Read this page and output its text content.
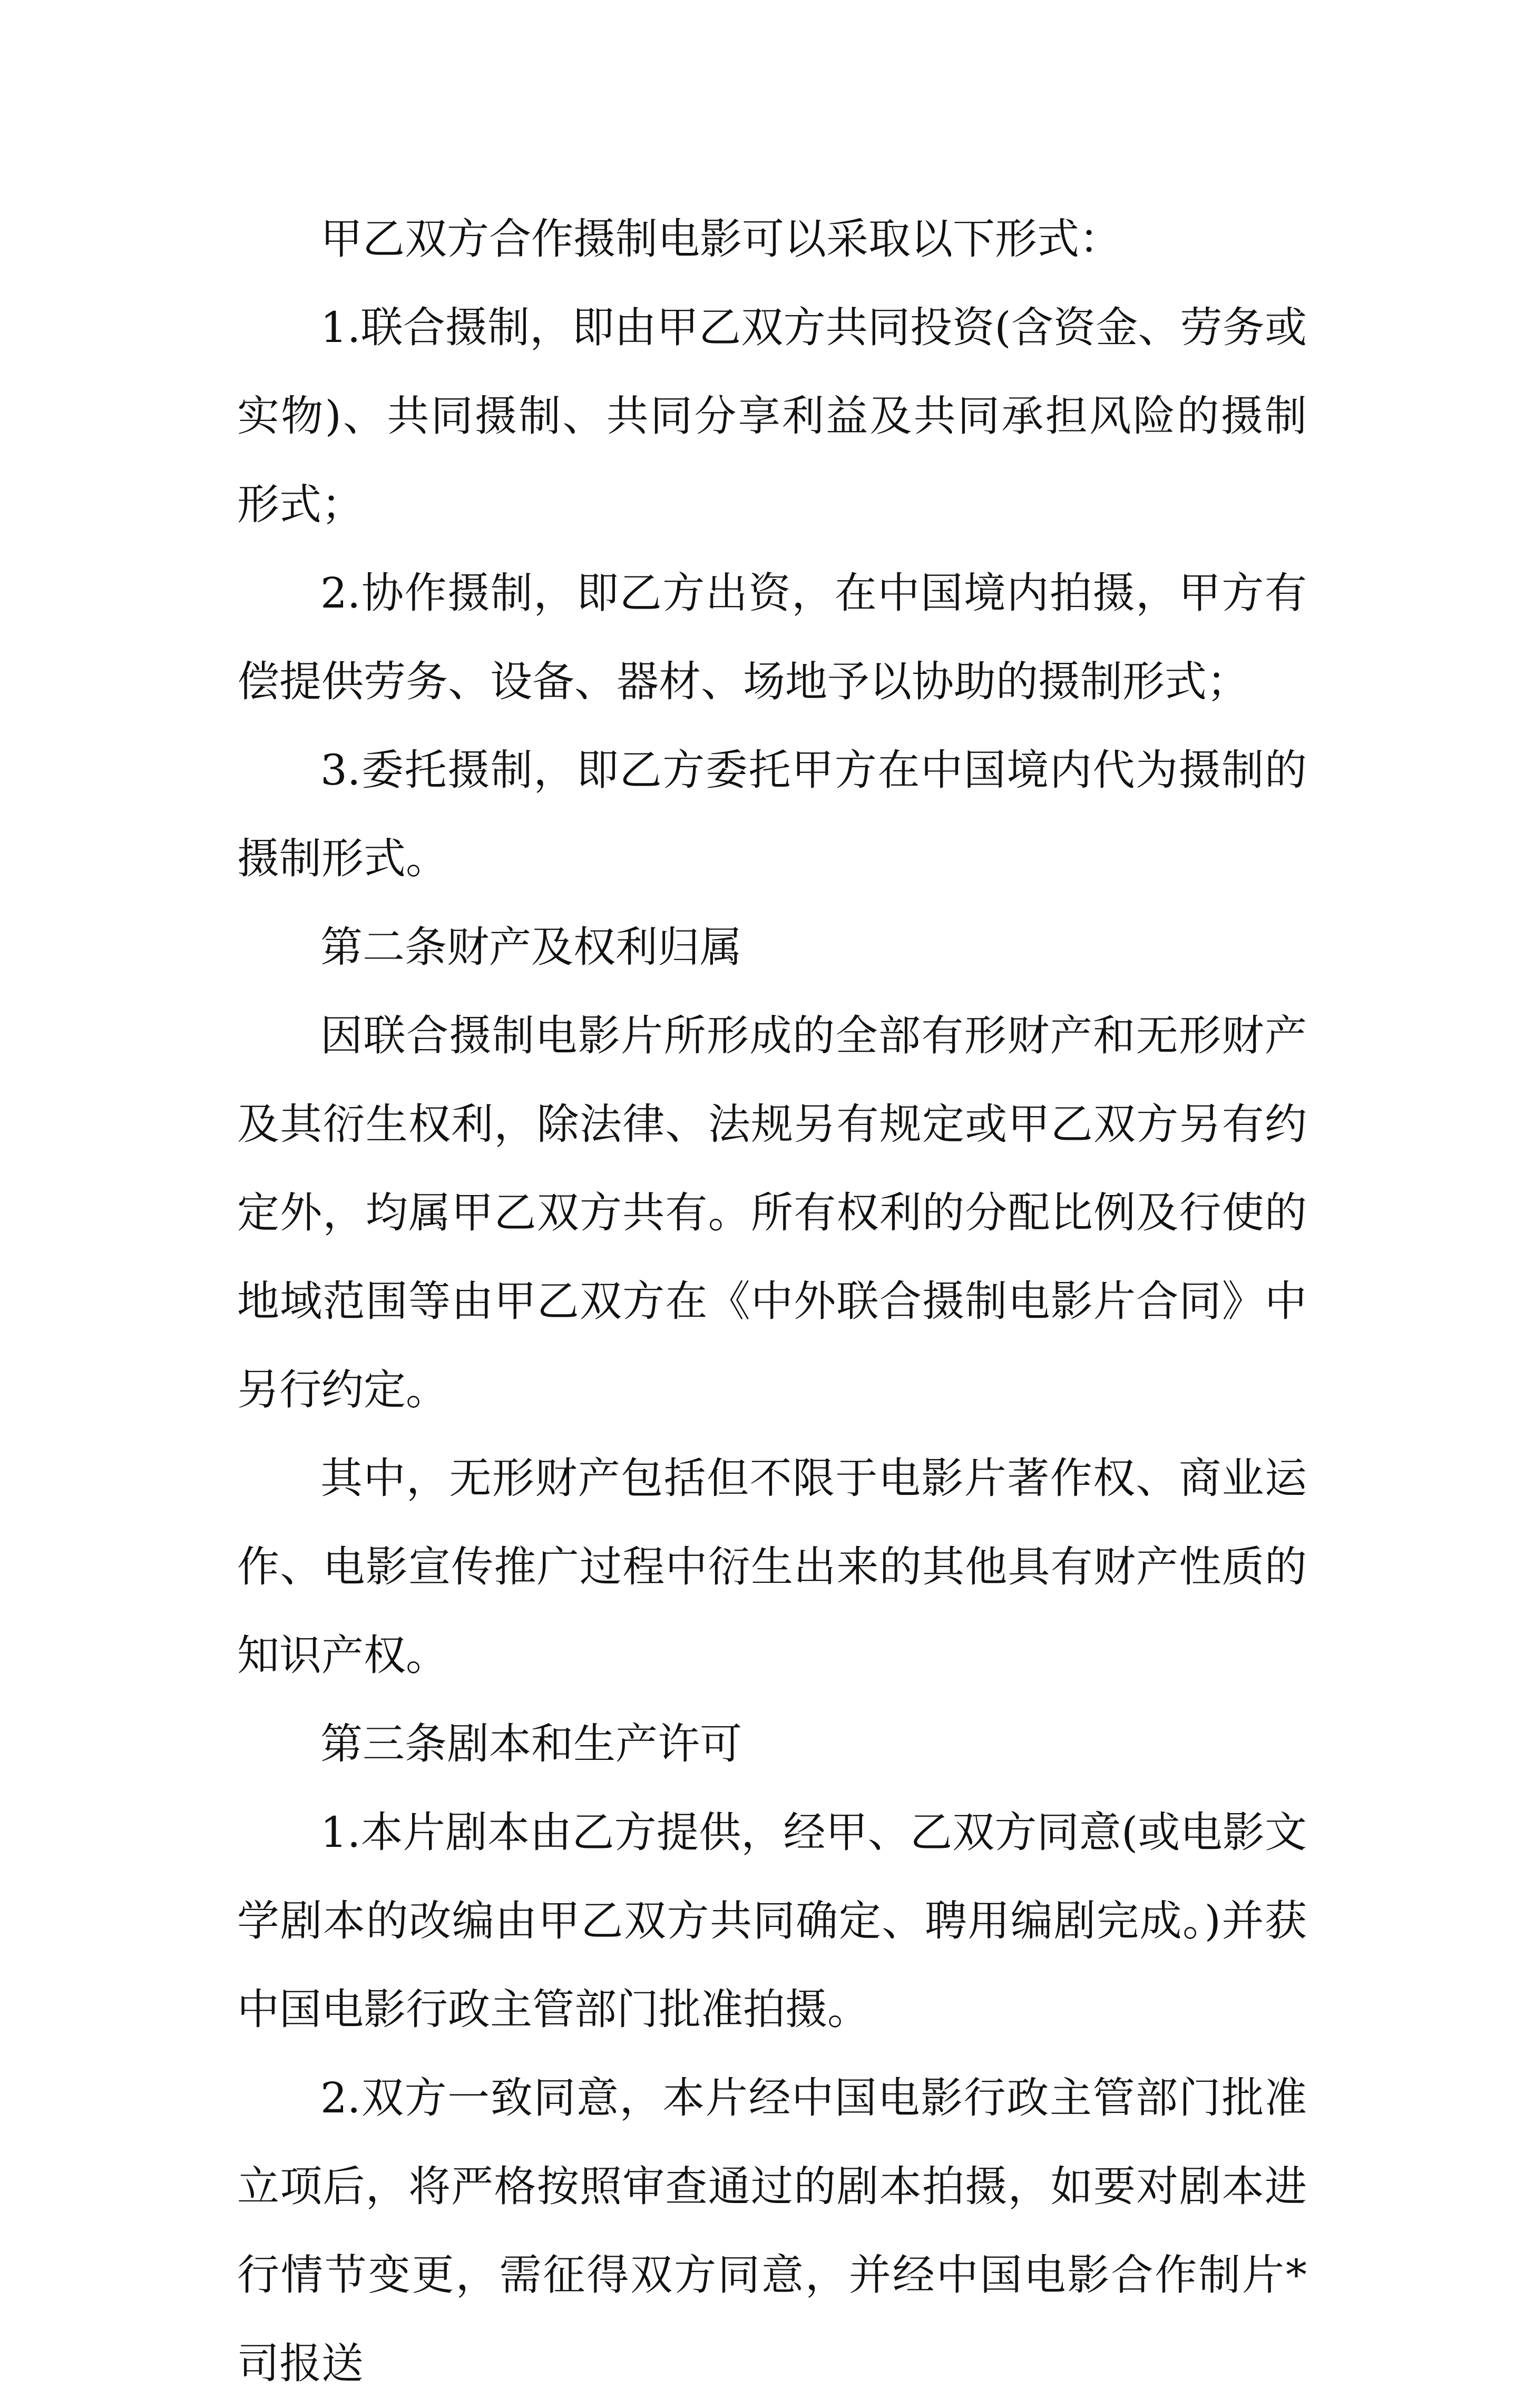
甲乙双方合作摄制电影可以采取以下形式：

1.联合摄制，即由甲乙双方共同投资(含资金、劳务或实物)、共同摄制、共同分享利益及共同承担风险的摄制形式；

2.协作摄制，即乙方出资，在中国境内拍摄，甲方有偿提供劳务、设备、器材、场地予以协助的摄制形式；

3.委托摄制，即乙方委托甲方在中国境内代为摄制的摄制形式。

第二条财产及权利归属

因联合摄制电影片所形成的全部有形财产和无形财产及其衍生权利，除法律、法规另有规定或甲乙双方另有约定外，均属甲乙双方共有。所有权利的分配比例及行使的地域范围等由甲乙双方在《中外联合摄制电影片合同》中另行约定。

其中，无形财产包括但不限于电影片著作权、商业运作、电影宣传推广过程中衍生出来的其他具有财产性质的知识产权。

第三条剧本和生产许可

1.本片剧本由乙方提供，经甲、乙双方同意(或电影文学剧本的改编由甲乙双方共同确定、聘用编剧完成。)并获中国电影行政主管部门批准拍摄。

2.双方一致同意，本片经中国电影行政主管部门批准立项后，将严格按照审查通过的剧本拍摄，如要对剧本进行情节变更，需征得双方同意，并经中国电影合作制片*司报送
